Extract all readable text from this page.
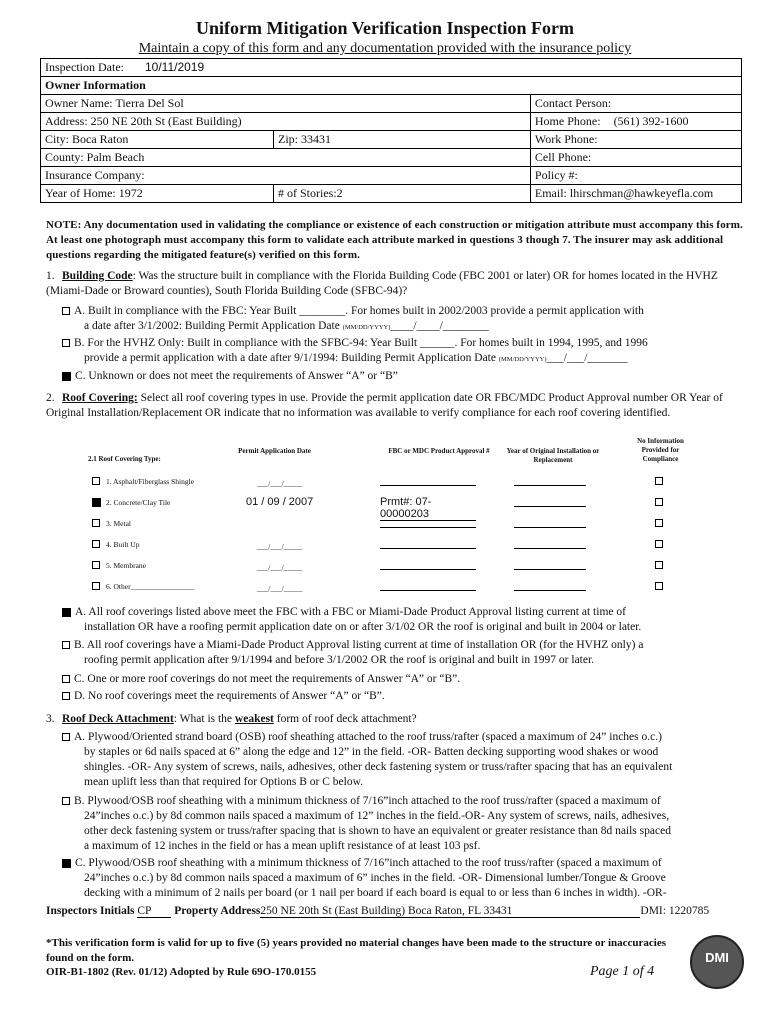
Uniform Mitigation Verification Inspection Form
Maintain a copy of this form and any documentation provided with the insurance policy
Inspection Date: 10/11/2019		
Owner Information		
Owner Name: Tierra Del Sol		Contact Person:
Address: 250 NE 20th St (East Building)		Home Phone: (561) 392-1600
City: Boca Raton	Zip: 33431	Work Phone:
County: Palm Beach		Cell Phone:
Insurance Company:		Policy #:
Year of Home: 1972	# of Stories:2	Email: lhirschman@hawkeyefla.com
NOTE: Any documentation used in validating the compliance or existence of each construction or mitigation attribute must accompany this form. At least one photograph must accompany this form to validate each attribute marked in questions 3 though 7. The insurer may ask additional questions regarding the mitigated feature(s) verified on this form.
1. Building Code: Was the structure built in compliance with the Florida Building Code (FBC 2001 or later) OR for homes located in the HVHZ (Miami-Dade or Broward counties), South Florida Building Code (SFBC-94)?
A. Built in compliance with the FBC: Year Built ________. For homes built in 2002/2003 provide a permit application with
a date after 3/1/2002: Building Permit Application Date (MM/DD/YYYY)____/____/________
B. For the HVHZ Only: Built in compliance with the SFBC-94: Year Built ______. For homes built in 1994, 1995, and 1996
provide a permit application with a date after 9/1/1994: Building Permit Application Date (MM/DD/YYYY)___/___/_______
C. Unknown or does not meet the requirements of Answer “A” or “B”
2. Roof Covering: Select all roof covering types in use. Provide the permit application date OR FBC/MDC Product Approval number OR Year of Original Installation/Replacement OR indicate that no information was available to verify compliance for each roof covering identified.
2.1 Roof Covering Type:
Permit Application Date	FBC or MDC Product Approval #	Year of Original Installation or Replacement
No Information Provided for Compliance
1. Asphalt/Fiberglass Shingle	___/___/_____
2. Concrete/Clay Tile	01 / 09 / 2007	Prmt#: 07-00000203
3. Metal
4. Built Up	___/___/_____
5. Membrane	___/___/_____
6. Other_________________	___/___/_____
A. All roof coverings listed above meet the FBC with a FBC or Miami-Dade Product Approval listing current at time of
installation OR have a roofing permit application date on or after 3/1/02 OR the roof is original and built in 2004 or later.
B. All roof coverings have a Miami-Dade Product Approval listing current at time of installation OR (for the HVHZ only) a
roofing permit application after 9/1/1994 and before 3/1/2002 OR the roof is original and built in 1997 or later.
C. One or more roof coverings do not meet the requirements of Answer “A” or “B”.
D. No roof coverings meet the requirements of Answer “A” or “B”.
3. Roof Deck Attachment: What is the weakest form of roof deck attachment?
A. Plywood/Oriented strand board (OSB) roof sheathing attached to the roof truss/rafter (spaced a maximum of 24” inches o.c.)
by staples or 6d nails spaced at 6” along the edge and 12” in the field. -OR- Batten decking supporting wood shakes or wood
shingles. -OR- Any system of screws, nails, adhesives, other deck fastening system or truss/rafter spacing that has an equivalent
mean uplift less than that required for Options B or C below.
B. Plywood/OSB roof sheathing with a minimum thickness of 7/16”inch attached to the roof truss/rafter (spaced a maximum of
24”inches o.c.) by 8d common nails spaced a maximum of 12” inches in the field.-OR- Any system of screws, nails, adhesives,
other deck fastening system or truss/rafter spacing that is shown to have an equivalent or greater resistance than 8d nails spaced
a maximum of 12 inches in the field or has a mean uplift resistance of at least 103 psf.
C. Plywood/OSB roof sheathing with a minimum thickness of 7/16”inch attached to the roof truss/rafter (spaced a maximum of
24”inches o.c.) by 8d common nails spaced a maximum of 6” inches in the field. -OR- Dimensional lumber/Tongue & Groove
decking with a minimum of 2 nails per board (or 1 nail per board if each board is equal to or less than 6 inches in width). -OR-
Inspectors Initials CP Property Address250 NE 20th St (East Building) Boca Raton, FL 33431	DMI: 1220785
*This verification form is valid for up to five (5) years provided no material changes have been made to the structure or inaccuracies found on the form.
OIR-B1-1802 (Rev. 01/12) Adopted by Rule 69O-170.0155	Page 1 of 4
DMI
